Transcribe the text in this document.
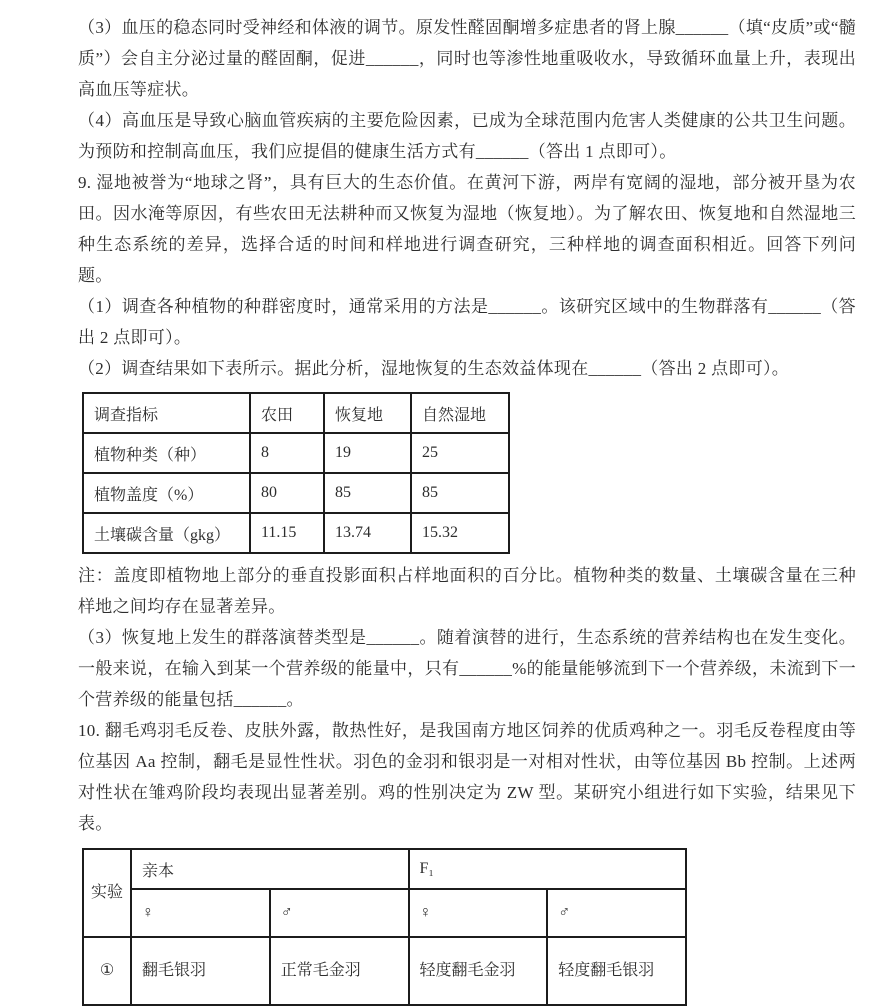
（3）血压的稳态同时受神经和体液的调节。原发性醛固酮增多症患者的肾上腺______（填“皮质”或“髓质”）会自主分泌过量的醛固酮，促进______，同时也等渗性地重吸收水，导致循环血量上升，表现出高血压等症状。

（4）高血压是导致心脑血管疾病的主要危险因素，已成为全球范围内危害人类健康的公共卫生问题。为预防和控制高血压，我们应提倡的健康生活方式有______（答出 1 点即可）。

9. 湿地被誉为“地球之肾”，具有巨大的生态价值。在黄河下游，两岸有宽阔的湿地，部分被开垦为农田。因水淹等原因，有些农田无法耕种而又恢复为湿地（恢复地）。为了解农田、恢复地和自然湿地三种生态系统的差异，选择合适的时间和样地进行调查研究，三种样地的调查面积相近。回答下列问题。

（1）调查各种植物的种群密度时，通常采用的方法是______。该研究区域中的生物群落有______（答出 2 点即可）。

（2）调查结果如下表所示。据此分析，湿地恢复的生态效益体现在______（答出 2 点即可）。

调查指标	农田	恢复地	自然湿地
植物种类（种）	8	19	25
植物盖度（%）	80	85	85
土壤碳含量（gkg）	11.15	13.74	15.32

注：盖度即植物地上部分的垂直投影面积占样地面积的百分比。植物种类的数量、土壤碳含量在三种样地之间均存在显著差异。

（3）恢复地上发生的群落演替类型是______。随着演替的进行，生态系统的营养结构也在发生变化。一般来说，在输入到某一个营养级的能量中，只有______%的能量能够流到下一个营养级，未流到下一个营养级的能量包括______。

10. 翻毛鸡羽毛反卷、皮肤外露，散热性好，是我国南方地区饲养的优质鸡种之一。羽毛反卷程度由等位基因 Aa 控制，翻毛是显性性状。羽色的金羽和银羽是一对相对性状，由等位基因 Bb 控制。上述两对性状在雏鸡阶段均表现出显著差别。鸡的性别决定为 ZW 型。某研究小组进行如下实验，结果见下表。

实验	亲本		F₁	
	♀	♂	♀	♂
①	翻毛银羽	正常毛金羽	轻度翻毛金羽	轻度翻毛银羽
